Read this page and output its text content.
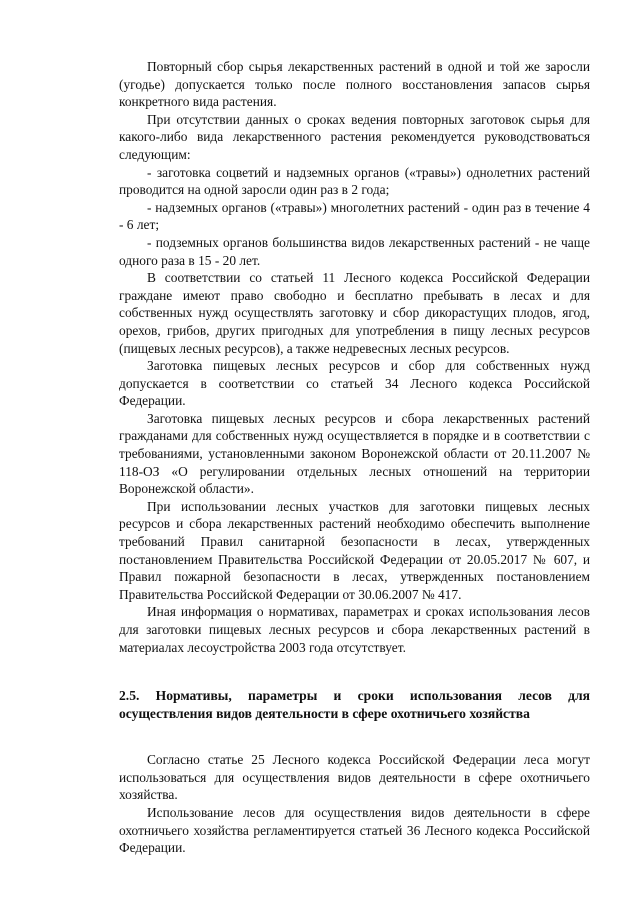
Повторный сбор сырья лекарственных растений в одной и той же заросли (угодье) допускается только после полного восстановления запасов сырья конкретного вида растения.

При отсутствии данных о сроках ведения повторных заготовок сырья для какого-либо вида лекарственного растения рекомендуется руководствоваться следующим:

- заготовка соцветий и надземных органов («травы») однолетних растений проводится на одной заросли один раз в 2 года;

- надземных органов («травы») многолетних растений - один раз в течение 4 - 6 лет;

- подземных органов большинства видов лекарственных растений - не чаще одного раза в 15 - 20 лет.

В соответствии со статьей 11 Лесного кодекса Российской Федерации граждане имеют право свободно и бесплатно пребывать в лесах и для собственных нужд осуществлять заготовку и сбор дикорастущих плодов, ягод, орехов, грибов, других пригодных для употребления в пищу лесных ресурсов (пищевых лесных ресурсов), а также недревесных лесных ресурсов.

Заготовка пищевых лесных ресурсов и сбор для собственных нужд допускается в соответствии со статьей 34 Лесного кодекса Российской Федерации.

Заготовка пищевых лесных ресурсов и сбора лекарственных растений гражданами для собственных нужд осуществляется в порядке и в соответствии с требованиями, установленными законом Воронежской области от 20.11.2007 № 118-ОЗ «О регулировании отдельных лесных отношений на территории Воронежской области».

При использовании лесных участков для заготовки пищевых лесных ресурсов и сбора лекарственных растений необходимо обеспечить выполнение требований Правил санитарной безопасности в лесах, утвержденных постановлением Правительства Российской Федерации от 20.05.2017 № 607, и Правил пожарной безопасности в лесах, утвержденных постановлением Правительства Российской Федерации от 30.06.2007 № 417.

Иная информация о нормативах, параметрах и сроках использования лесов для заготовки пищевых лесных ресурсов и сбора лекарственных растений в материалах лесоустройства 2003 года отсутствует.

2.5. Нормативы, параметры и сроки использования лесов для осуществления видов деятельности в сфере охотничьего хозяйства

Согласно статье 25 Лесного кодекса Российской Федерации леса могут использоваться для осуществления видов деятельности в сфере охотничьего хозяйства.

Использование лесов для осуществления видов деятельности в сфере охотничьего хозяйства регламентируется статьей 36 Лесного кодекса Российской Федерации.
